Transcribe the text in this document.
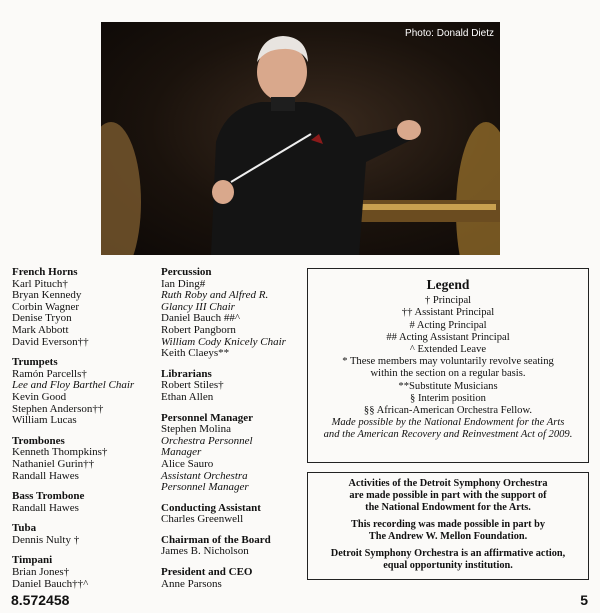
Photo: Donald Dietz
French Horns
Karl Pituch†
Bryan Kennedy
Corbin Wagner
Denise Tryon
Mark Abbott
David Everson††
Trumpets
Ramón Parcells†
Lee and Floy Barthel Chair
Kevin Good
Stephen Anderson††
William Lucas
Trombones
Kenneth Thompkins†
Nathaniel Gurin††
Randall Hawes
Bass Trombone
Randall Hawes
Tuba
Dennis Nulty †
Timpani
Brian Jones†
Daniel Bauch††^
Percussion
Ian Ding#
Ruth Roby and Alfred R.
Glancy III Chair
Daniel Bauch ##^
Robert Pangborn
William Cody Knicely Chair
Keith Claeys**
Librarians
Robert Stiles†
Ethan Allen
Personnel Manager
Stephen Molina
Orchestra Personnel
Manager
Alice Sauro
Assistant Orchestra
Personnel Manager
Conducting Assistant
Charles Greenwell
Chairman of the Board
James B. Nicholson
President and CEO
Anne Parsons
Legend
† Principal
†† Assistant Principal
# Acting Principal
## Acting Assistant Principal
^ Extended Leave
* These members may voluntarily revolve seating
within the section on a regular basis.
**Substitute Musicians
§ Interim position
§§ African-American Orchestra Fellow.
Made possible by the National Endowment for the Arts
and the American Recovery and Reinvestment Act of 2009.

Activities of the Detroit Symphony Orchestra
are made possible in part with the support of
the National Endowment for the Arts.

This recording was made possible in part by
The Andrew W. Mellon Foundation.

Detroit Symphony Orchestra is an affirmative action,
equal opportunity institution.

8.572458	5
